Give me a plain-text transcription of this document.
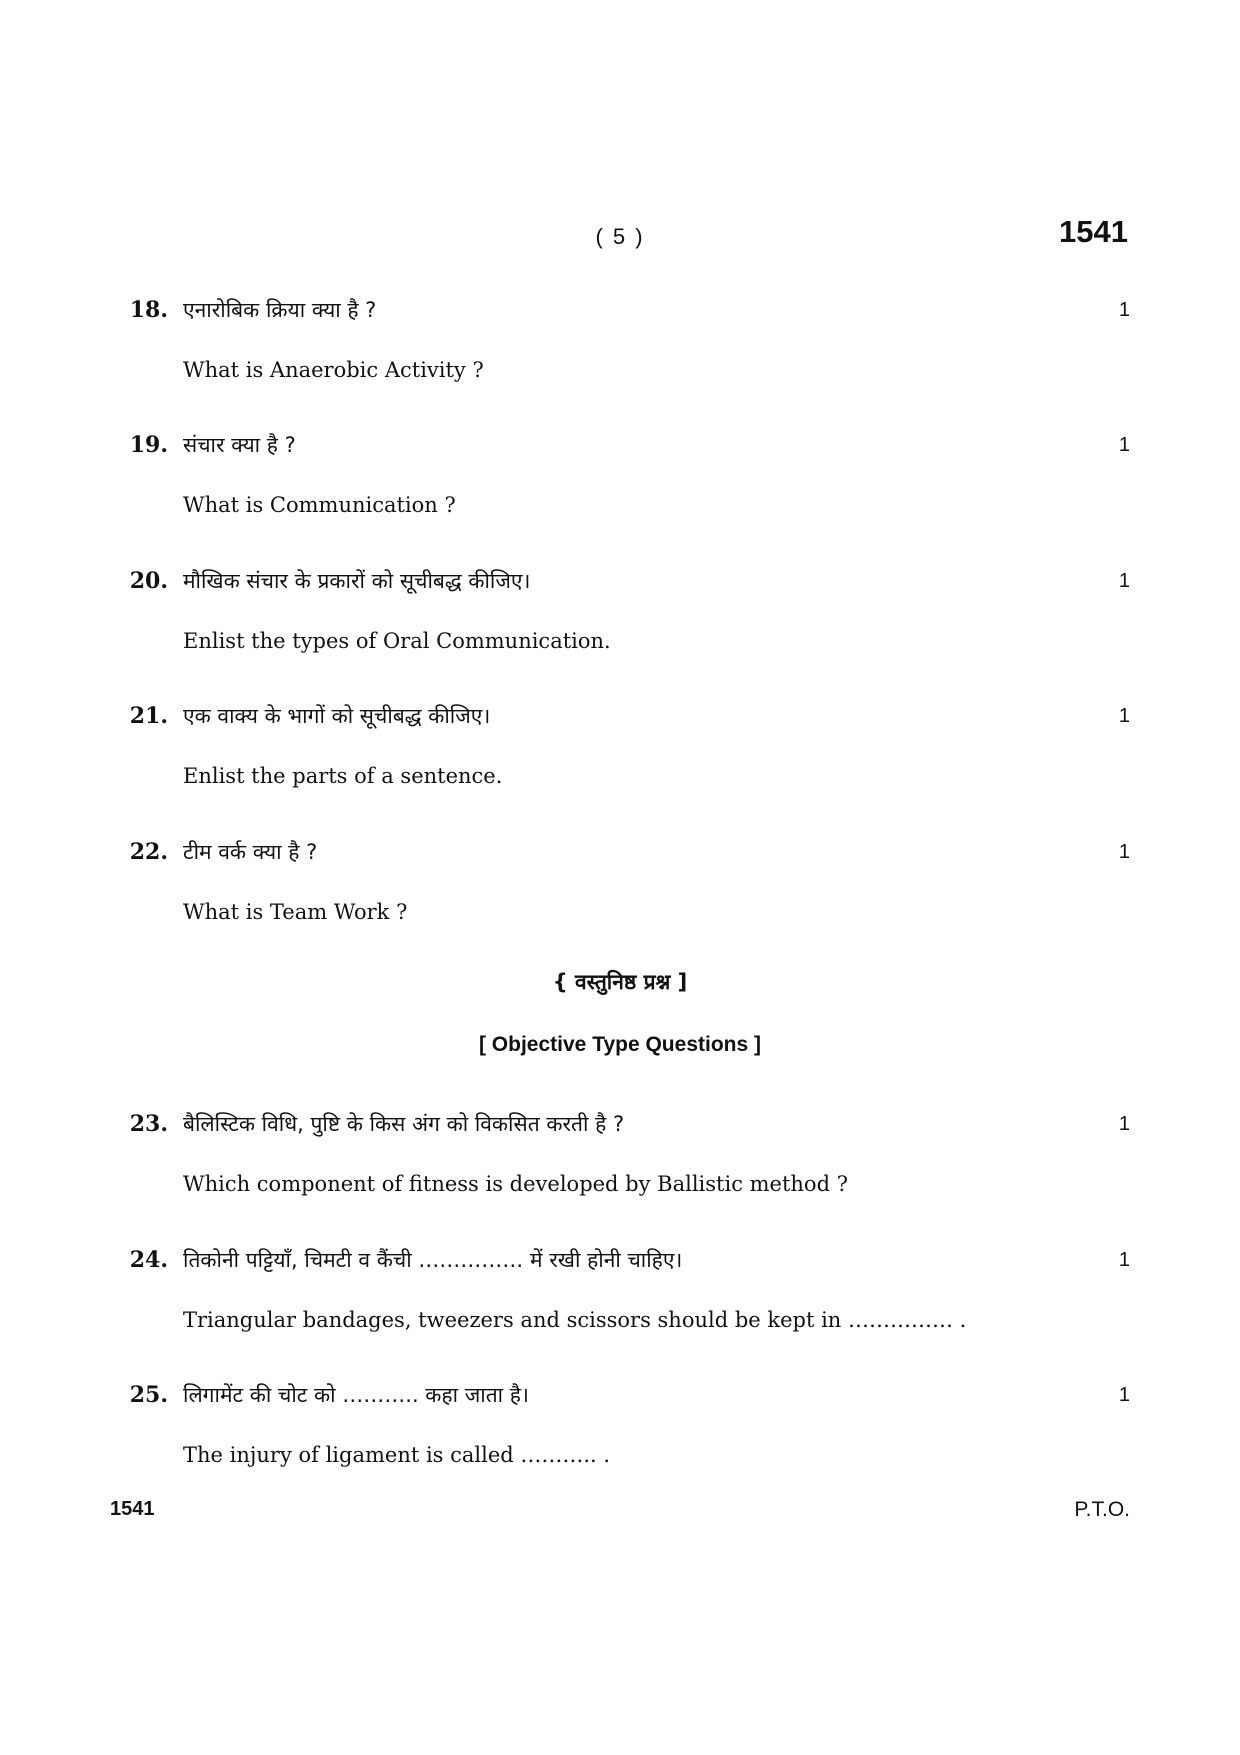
( 5 )	1541
18. एनारोबिक क्रिया क्या है ?
What is Anaerobic Activity ?
1
19. संचार क्या है ?
What is Communication ?
1
20. मौखिक संचार के प्रकारों को सूचीबद्ध कीजिए।
Enlist the types of Oral Communication.
1
21. एक वाक्य के भागों को सूचीबद्ध कीजिए।
Enlist the parts of a sentence.
1
22. टीम वर्क क्या है ?
What is Team Work ?
1
{ वस्तुनिष्ठ प्रश्न ]
[ Objective Type Questions ]
23. बैलिस्टिक विधि, पुष्टि के किस अंग को विकसित करती है ?
Which component of fitness is developed by Ballistic method ?
1
24. तिकोनी पट्टियाँ, चिमटी व कैंची …………… में रखी होनी चाहिए।
Triangular bandages, tweezers and scissors should be kept in …………… .
1
25. लिगामेंट की चोट को ……….. कहा जाता है।
The injury of ligament is called ……….. .
1
1541	P.T.O.
